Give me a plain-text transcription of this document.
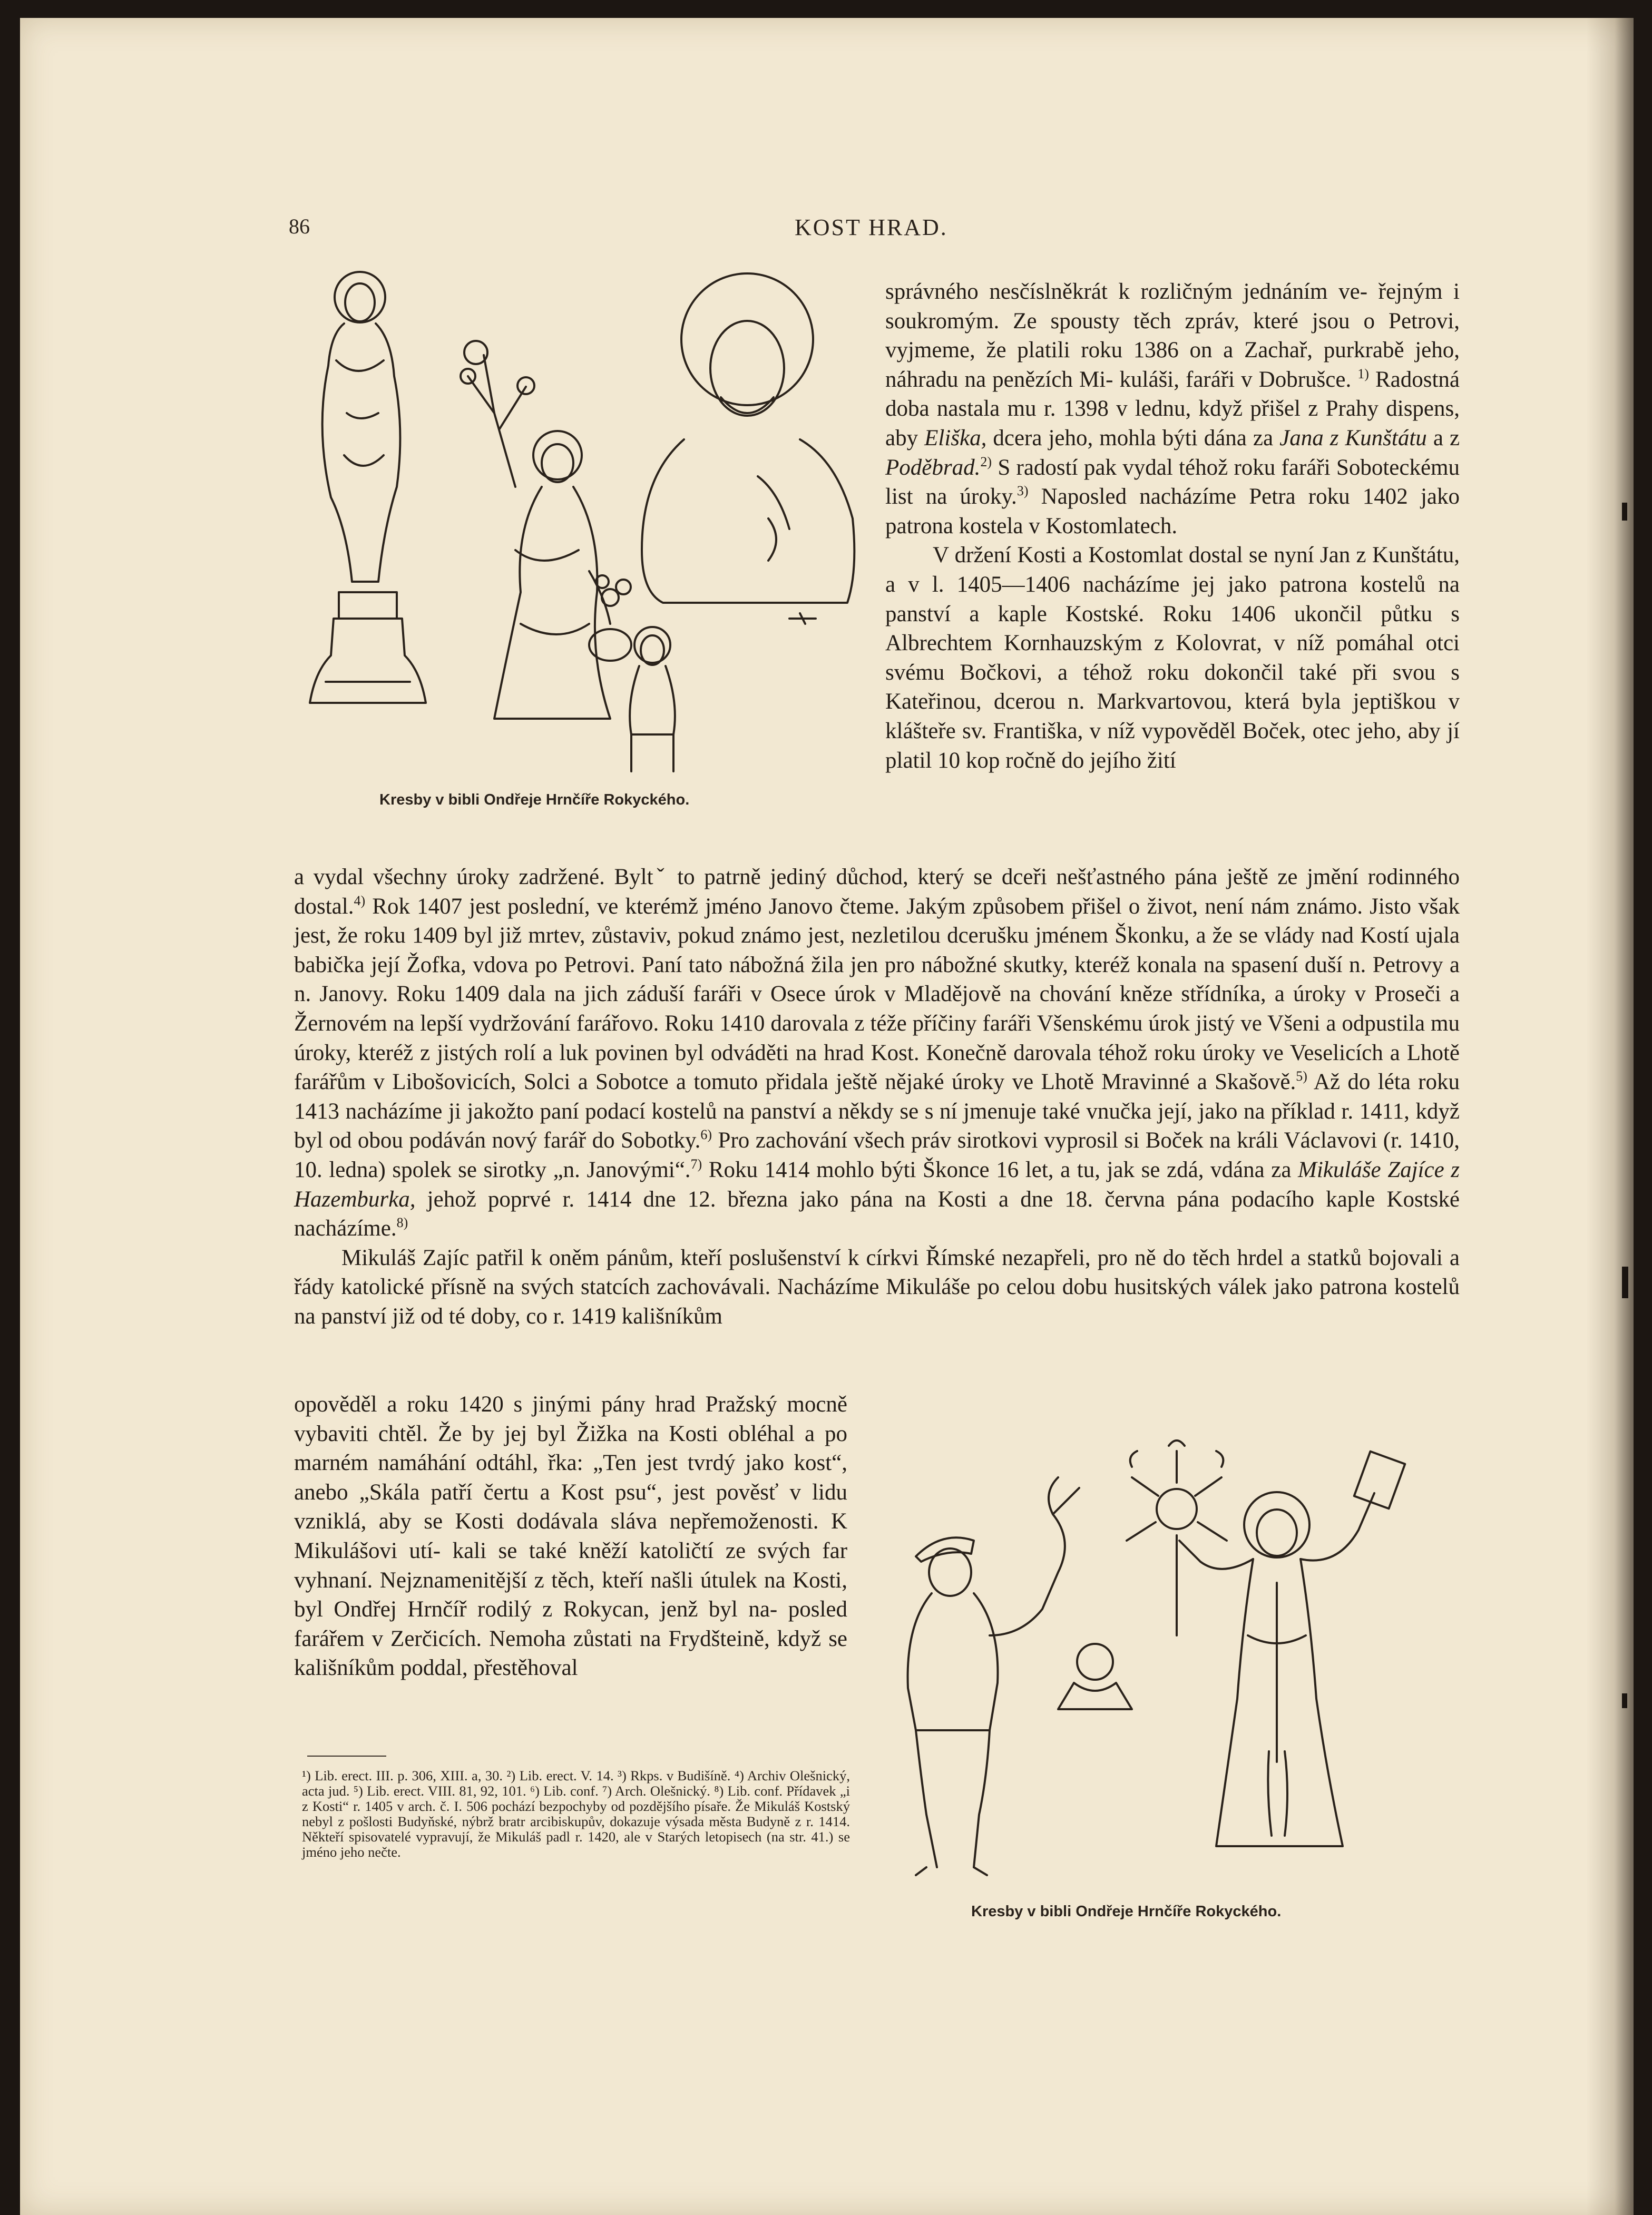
86	KOST HRAD.
Kresby v bibli Ondřeje Hrnčíře Rokyckého.

správného nesčíslněkrát k rozličným jednáním ve- řejným i soukromým. Ze spousty těch zpráv, které jsou o Petrovi, vyjmeme, že platili roku 1386 on a Zachař, purkrabě jeho, náhradu na penězích Mi- kuláši, faráři v Dobrušce. $^{1)}$ Radostná doba nastala mu r. 1398 v lednu, když přišel z Prahy dispens, aby Eliška, dcera jeho, mohla býti dána za Jana z Kunštátu a z Poděbrad.$^{2)}$ S radostí pak vydal téhož roku faráři Soboteckému list na úroky.$^{3)}$ Naposled nacházíme Petra roku 1402 jako patrona kostela v Kostomlatech.

V držení Kosti a Kostomlat dostal se nyní Jan z Kunštátu, a v l. 1405—1406 nacházíme jej jako patrona kostelů na panství a kaple Kostské. Roku 1406 ukončil půtku s Albrechtem Kornhauzským z Kolovrat, v níž pomáhal otci svému Bočkovi, a téhož roku dokončil také při svou s Kateřinou, dcerou n. Markvartovou, která byla jeptiškou v klášteře sv. Františka, v níž vypověděl Boček, otec jeho, aby jí platil 10 kop ročně do jejího žití

a vydal všechny úroky zadržené. Byltˇ to patrně jediný důchod, který se dceři nešťastného pána ještě ze jmění rodinného dostal.$^{4)}$ Rok 1407 jest poslední, ve kterémž jméno Janovo čteme. Jakým způsobem přišel o život, není nám známo. Jisto však jest, že roku 1409 byl již mrtev, zůstaviv, pokud známo jest, nezletilou dcerušku jménem Škonku, a že se vlády nad Kostí ujala babička její Žofka, vdova po Petrovi. Paní tato nábožná žila jen pro nábožné skutky, kteréž konala na spasení duší n. Petrovy a n. Janovy. Roku 1409 dala na jich záduší faráři v Osece úrok v Mladějově na chování kněze střídníka, a úroky v Proseči a Žernovém na lepší vydržování farářovo. Roku 1410 darovala z téže příčiny faráři Všenskému úrok jistý ve Všeni a odpustila mu úroky, kteréž z jistých rolí a luk povinen byl odváděti na hrad Kost. Konečně darovala téhož roku úroky ve Veselicích a Lhotě farářům v Libošovicích, Solci a Sobotce a tomuto přidala ještě nějaké úroky ve Lhotě Mravinné a Skašově.$^{5)}$ Až do léta roku 1413 nacházíme ji jakožto paní podací kostelů na panství a někdy se s ní jmenuje také vnučka její, jako na příklad r. 1411, když byl od obou podáván nový farář do Sobotky.$^{6)}$ Pro zachování všech práv sirotkovi vyprosil si Boček na králi Václavovi (r. 1410, 10. ledna) spolek se sirotky „n. Janovými“.$^{7)}$ Roku 1414 mohlo býti Škonce 16 let, a tu, jak se zdá, vdána za Mikuláše Zajíce z Hazemburka, jehož poprvé r. 1414 dne 12. března jako pána na Kosti a dne 18. června pána podacího kaple Kostské nacházíme.$^{8)}$

Mikuláš Zajíc patřil k oněm pánům, kteří poslušenství k církvi Římské nezapřeli, pro ně do těch hrdel a statků bojovali a řády katolické přísně na svých statcích zachovávali. Nacházíme Mikuláše po celou dobu husitských válek jako patrona kostelů na panství již od té doby, co r. 1419 kališníkům

opověděl a roku 1420 s jinými pány hrad Pražský mocně vybaviti chtěl. Že by jej byl Žižka na Kosti obléhal a po marném namáhání odtáhl, řka: „Ten jest tvrdý jako kost“, anebo „Skála patří čertu a Kost psu“, jest pověsť v lidu vzniklá, aby se Kosti dodávala sláva nepřemoženosti. K Mikulášovi utí- kali se také kněží katoličtí ze svých far vyhnaní. Nejznamenitější z těch, kteří našli útulek na Kosti, byl Ondřej Hrnčíř rodilý z Rokycan, jenž byl na- posled farářem v Zerčicích. Nemoha zůstati na Frydšteině, když se kališníkům poddal, přestěhoval

¹) Lib. erect. III. p. 306, XIII. a, 30. ²) Lib. erect. V. 14. ³) Rkps. v Budišíně. ⁴) Archiv Olešnický, acta jud. ⁵) Lib. erect. VIII. 81, 92, 101. ⁶) Lib. conf. ⁷) Arch. Olešnický. ⁸) Lib. conf. Přídavek „i z Kosti“ r. 1405 v arch. č. I. 506 pochází bezpochyby od pozdějšího písaře. Že Mikuláš Kostský nebyl z pošlosti Budyňské, nýbrž bratr arcibiskupův, dokazuje výsada města Budyně z r. 1414. Někteří spisovatelé vypravují, že Mikuláš padl r. 1420, ale v Starých letopisech (na str. 41.) se jméno jeho nečte.
Kresby v bibli Ondřeje Hrnčíře Rokyckého.
